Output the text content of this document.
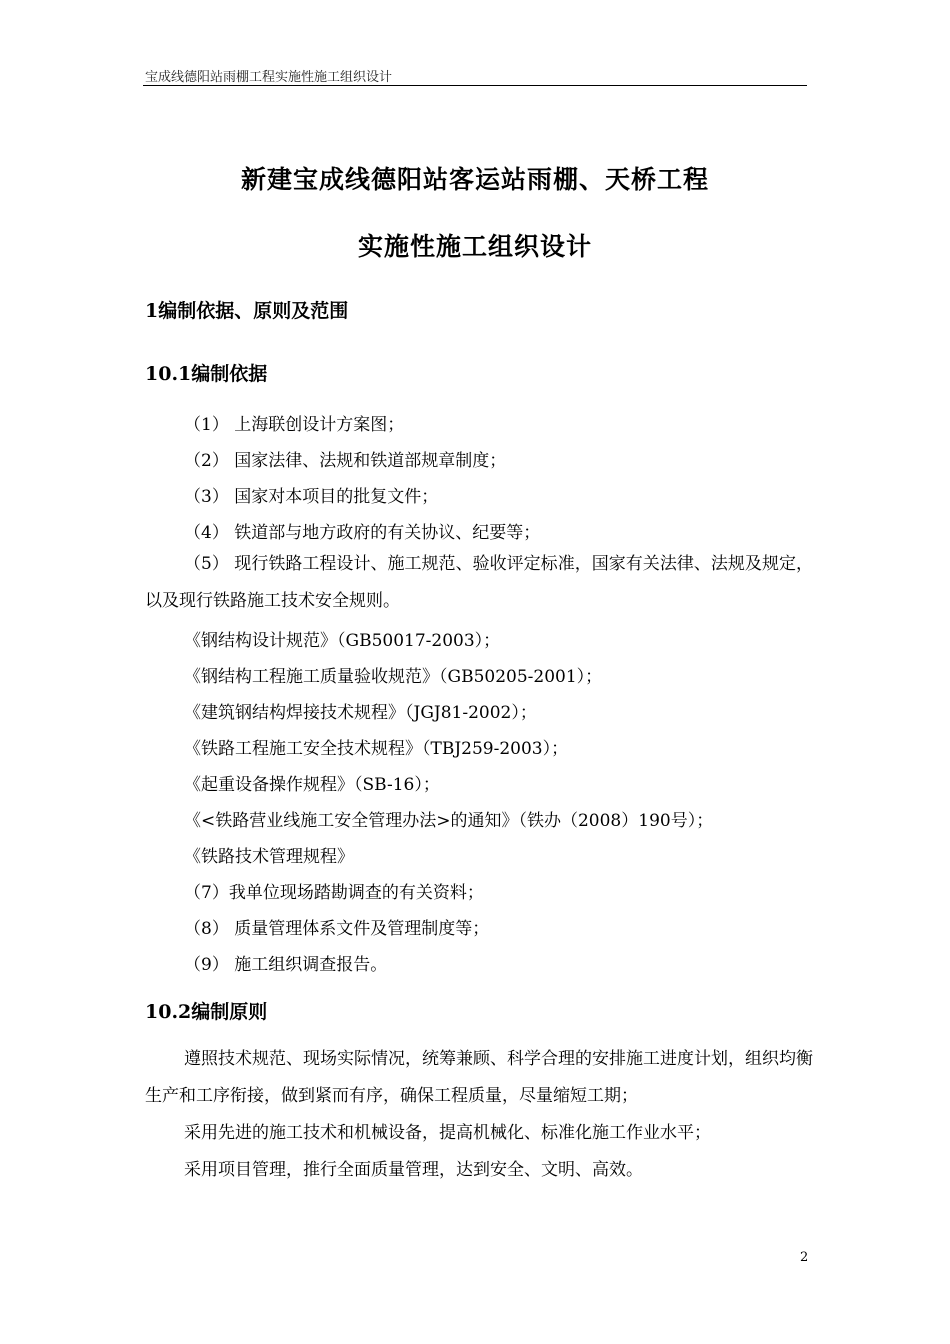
宝成线德阳站雨棚工程实施性施工组织设计
新建宝成线德阳站客运站雨棚、天桥工程
实施性施工组织设计
1编制依据、原则及范围
10.1编制依据
（1） 上海联创设计方案图；
（2） 国家法律、法规和铁道部规章制度；
（3） 国家对本项目的批复文件；
（4） 铁道部与地方政府的有关协议、纪要等；
（5） 现行铁路工程设计、施工规范、验收评定标准，国家有关法律、法规及规定，以及现行铁路施工技术安全规则。
《钢结构设计规范》（GB50017-2003）；
《钢结构工程施工质量验收规范》（GB50205-2001）；
《建筑钢结构焊接技术规程》（JGJ81-2002）；
《铁路工程施工安全技术规程》（TBJ259-2003）；
《起重设备操作规程》（SB-16）；
《<铁路营业线施工安全管理办法>的通知》（铁办（2008）190号）；
《铁路技术管理规程》
（7）我单位现场踏勘调查的有关资料；
（8） 质量管理体系文件及管理制度等；
（9） 施工组织调查报告。
10.2编制原则
遵照技术规范、现场实际情况，统筹兼顾、科学合理的安排施工进度计划，组织均衡生产和工序衔接，做到紧而有序，确保工程质量，尽量缩短工期；
采用先进的施工技术和机械设备，提高机械化、标准化施工作业水平；
采用项目管理，推行全面质量管理，达到安全、文明、高效。
2
